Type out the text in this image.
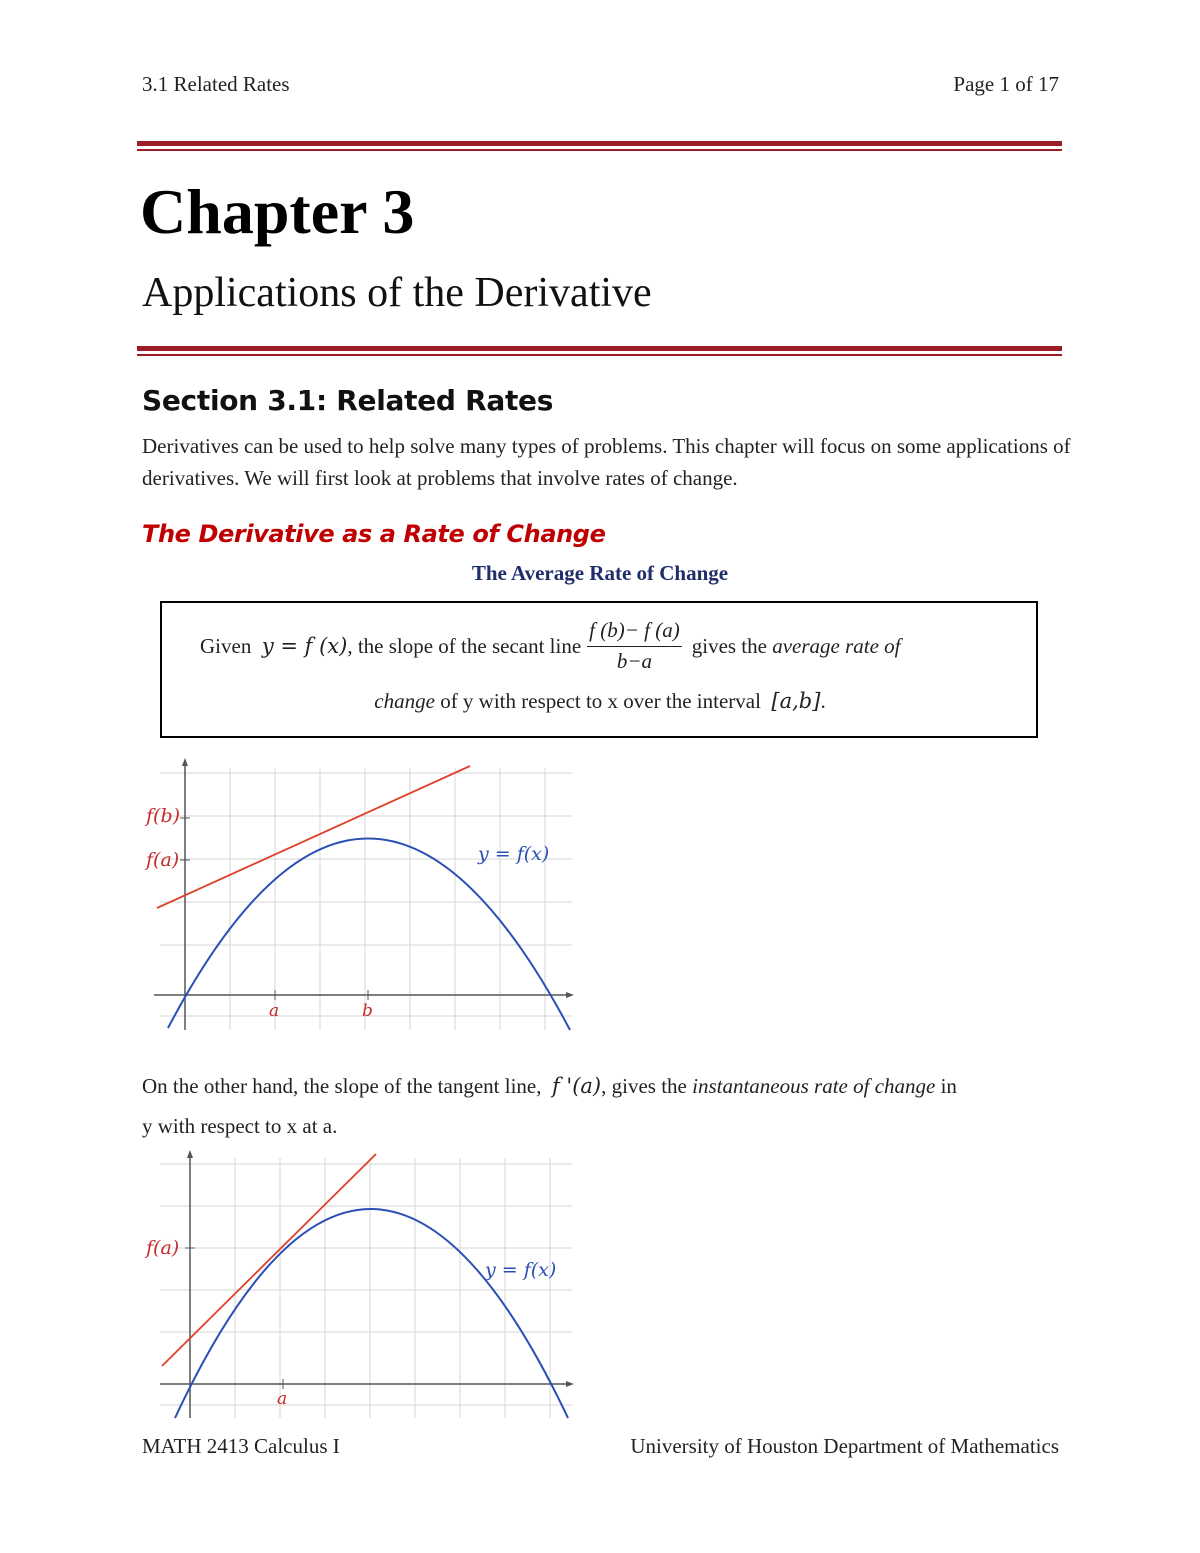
3.1 Related Rates	Page 1 of 17
Chapter 3
Applications of the Derivative
Section 3.1: Related Rates
Derivatives can be used to help solve many types of problems. This chapter will focus on some applications of derivatives. We will first look at problems that involve rates of change.
The Derivative as a Rate of Change
The Average Rate of Change
Given
y = f (x) , the slope of the secant line $\frac{f (b)- f (a)}{b-a}$ gives the
average rate of
change of y with respect to x over the interval [a,b].
f(b)
f(a)
a	b
y = f(x)
On the other hand, the slope of the tangent line, f '(a), gives the instantaneous rate of change in
y with respect to x at a.
f(a)
a
y = f(x)
MATH 2413 Calculus I	University of Houston Department of Mathematics
